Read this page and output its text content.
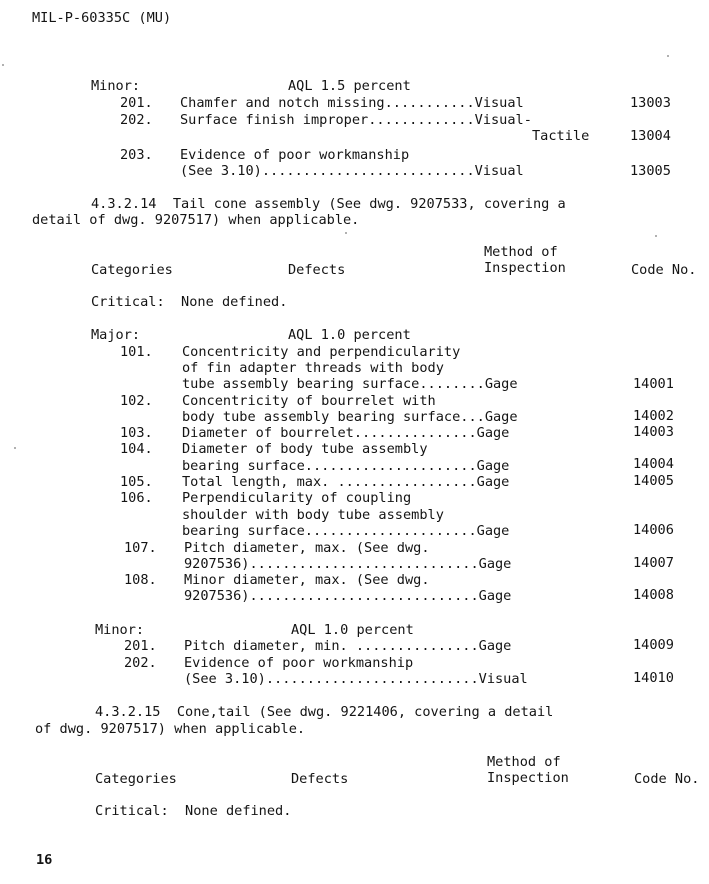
MIL-P-60335C (MU)
Minor:	AQL 1.5 percent
201. Chamfer and notch missing...........Visual	13003
202. Surface finish improper.............Visual-
Tactile	13004
203. Evidence of poor workmanship
(See 3.10)..........................Visual	13005
4.3.2.14  Tail cone assembly (See dwg. 9207533, covering a
detail of dwg. 9207517) when applicable.
Method of
Categories	Defects	Inspection	Code No.
Critical:  None defined.
Major:	AQL 1.0 percent
101. Concentricity and perpendicularity
of fin adapter threads with body
tube assembly bearing surface........Gage	14001
102. Concentricity of bourrelet with
body tube assembly bearing surface...Gage	14002
103. Diameter of bourrelet...............Gage	14003
104. Diameter of body tube assembly
bearing surface.....................Gage	14004
105. Total length, max. .................Gage	14005
106. Perpendicularity of coupling
shoulder with body tube assembly
bearing surface.....................Gage	14006
107. Pitch diameter, max. (See dwg.
9207536)............................Gage	14007
108. Minor diameter, max. (See dwg.
9207536)............................Gage	14008
Minor:	AQL 1.0 percent
201. Pitch diameter, min. ...............Gage	14009
202. Evidence of poor workmanship
(See 3.10)..........................Visual	14010
4.3.2.15  Cone,tail (See dwg. 9221406, covering a detail
of dwg. 9207517) when applicable.
Method of
Categories	Defects	Inspection	Code No.
Critical:  None defined.
16
